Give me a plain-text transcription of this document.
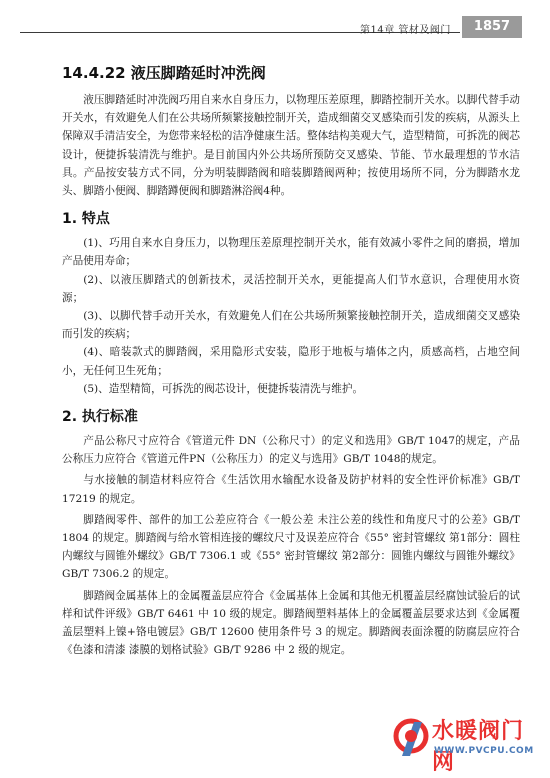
第14章 管材及阀门	1857
14.4.22 液压脚踏延时冲洗阀

液压脚踏延时冲洗阀巧用自来水自身压力，以物理压差原理，脚踏控制开关水。以脚代替手动开关水，有效避免人们在公共场所频繁接触控制开关，造成细菌交叉感染而引发的疾病，从源头上保障双手清洁安全，为您带来轻松的洁净健康生活。整体结构美观大气，造型精简，可拆洗的阀芯设计，便捷拆装清洗与维护。是目前国内外公共场所预防交叉感染、节能、节水最理想的节水洁具。产品按安装方式不同，分为明装脚踏阀和暗装脚踏阀两种；按使用场所不同，分为脚踏水龙头、脚踏小便阀、脚踏蹲便阀和脚踏淋浴阀4种。

1. 特点

(1)、巧用自来水自身压力，以物理压差原理控制开关水，能有效减小零件之间的磨损，增加产品使用寿命；

(2)、以液压脚踏式的创新技术，灵活控制开关水，更能提高人们节水意识，合理使用水资源；

(3)、以脚代替手动开关水，有效避免人们在公共场所频繁接触控制开关，造成细菌交叉感染而引发的疾病；

(4)、暗装款式的脚踏阀，采用隐形式安装，隐形于地板与墙体之内，质感高档，占地空间小，无任何卫生死角；

(5)、造型精简，可拆洗的阀芯设计，便捷拆装清洗与维护。

2. 执行标准

产品公称尺寸应符合《管道元件 DN（公称尺寸）的定义和选用》GB/T 1047的规定，产品公称压力应符合《管道元件PN（公称压力）的定义与选用》GB/T 1048的规定。

与水接触的制造材料应符合《生活饮用水输配水设备及防护材料的安全性评价标准》GB/T 17219 的规定。

脚踏阀零件、部件的加工公差应符合《一般公差 未注公差的线性和角度尺寸的公差》GB/T 1804 的规定。脚踏阀与给水管相连接的螺纹尺寸及误差应符合《55° 密封管螺纹 第1部分：圆柱内螺纹与圆锥外螺纹》GB/T 7306.1 或《55° 密封管螺纹 第2部分：圆锥内螺纹与圆锥外螺纹》GB/T 7306.2 的规定。

脚踏阀金属基体上的金属覆盖层应符合《金属基体上金属和其他无机覆盖层经腐蚀试验后的试样和试件评级》GB/T 6461 中 10 级的规定。脚踏阀塑料基体上的金属覆盖层要求达到《金属覆盖层塑料上镍+铬电镀层》GB/T 12600 使用条件号 3 的规定。脚踏阀表面涂覆的防腐层应符合《色漆和清漆 漆膜的划格试验》GB/T 9286 中 2 级的规定。

水暖阀门网
WWW.PVCPU.COM
